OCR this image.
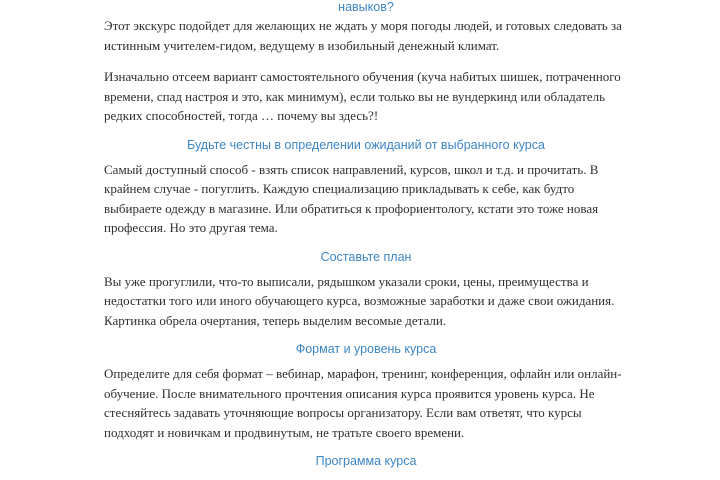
навыков?

Этот экскурс подойдет для желающих не ждать у моря погоды людей, и готовых следовать за истинным учителем-гидом, ведущему в изобильный денежный климат.

Изначально отсеем вариант самостоятельного обучения (куча набитых шишек, потраченного времени, спад настроя и это, как минимум), если только вы не вундеркинд или обладатель редких способностей, тогда … почему вы здесь?!

Будьте честны в определении ожиданий от выбранного курса

Самый доступный способ - взять список направлений, курсов, школ и т.д. и прочитать. В крайнем случае - погуглить. Каждую специализацию прикладывать к себе, как будто выбираете одежду в магазине. Или обратиться к профориентологу, кстати это тоже новая профессия. Но это другая тема.

Составьте план

Вы уже прогуглили, что-то выписали, рядышком указали сроки, цены, преимущества и недостатки того или иного обучающего курса, возможные заработки и даже свои ожидания. Картинка обрела очертания, теперь выделим весомые детали.

Формат и уровень курса

Определите для себя формат – вебинар, марафон, тренинг, конференция, офлайн или онлайн-обучение. После внимательного прочтения описания курса проявится уровень курса. Не стесняйтесь задавать уточняющие вопросы организатору. Если вам ответят, что курсы подходят и новичкам и продвинутым, не тратьте своего времени.

Программа курса
